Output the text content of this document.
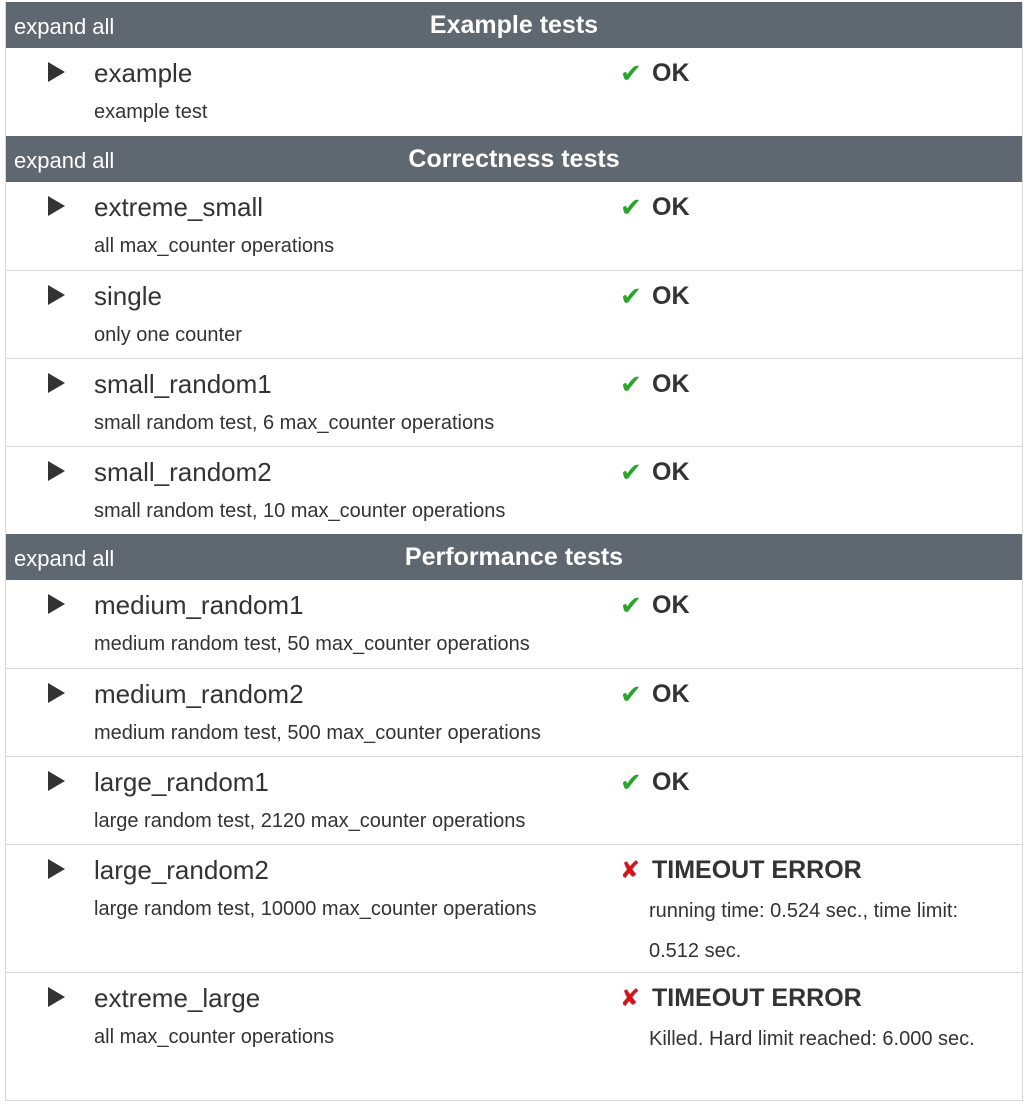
expand all	Example tests
example
example test
✔ OK
expand all	Correctness tests
extreme_small
all max_counter operations
✔ OK
single
only one counter
✔ OK
small_random1
small random test, 6 max_counter operations
✔ OK
small_random2
small random test, 10 max_counter operations
✔ OK
expand all	Performance tests
medium_random1
medium random test, 50 max_counter operations
✔ OK
medium_random2
medium random test, 500 max_counter operations
✔ OK
large_random1
large random test, 2120 max_counter operations
✔ OK
large_random2
large random test, 10000 max_counter operations
✘ TIMEOUT ERROR
running time: 0.524 sec., time limit: 0.512 sec.
extreme_large
all max_counter operations
✘ TIMEOUT ERROR
Killed. Hard limit reached: 6.000 sec.
